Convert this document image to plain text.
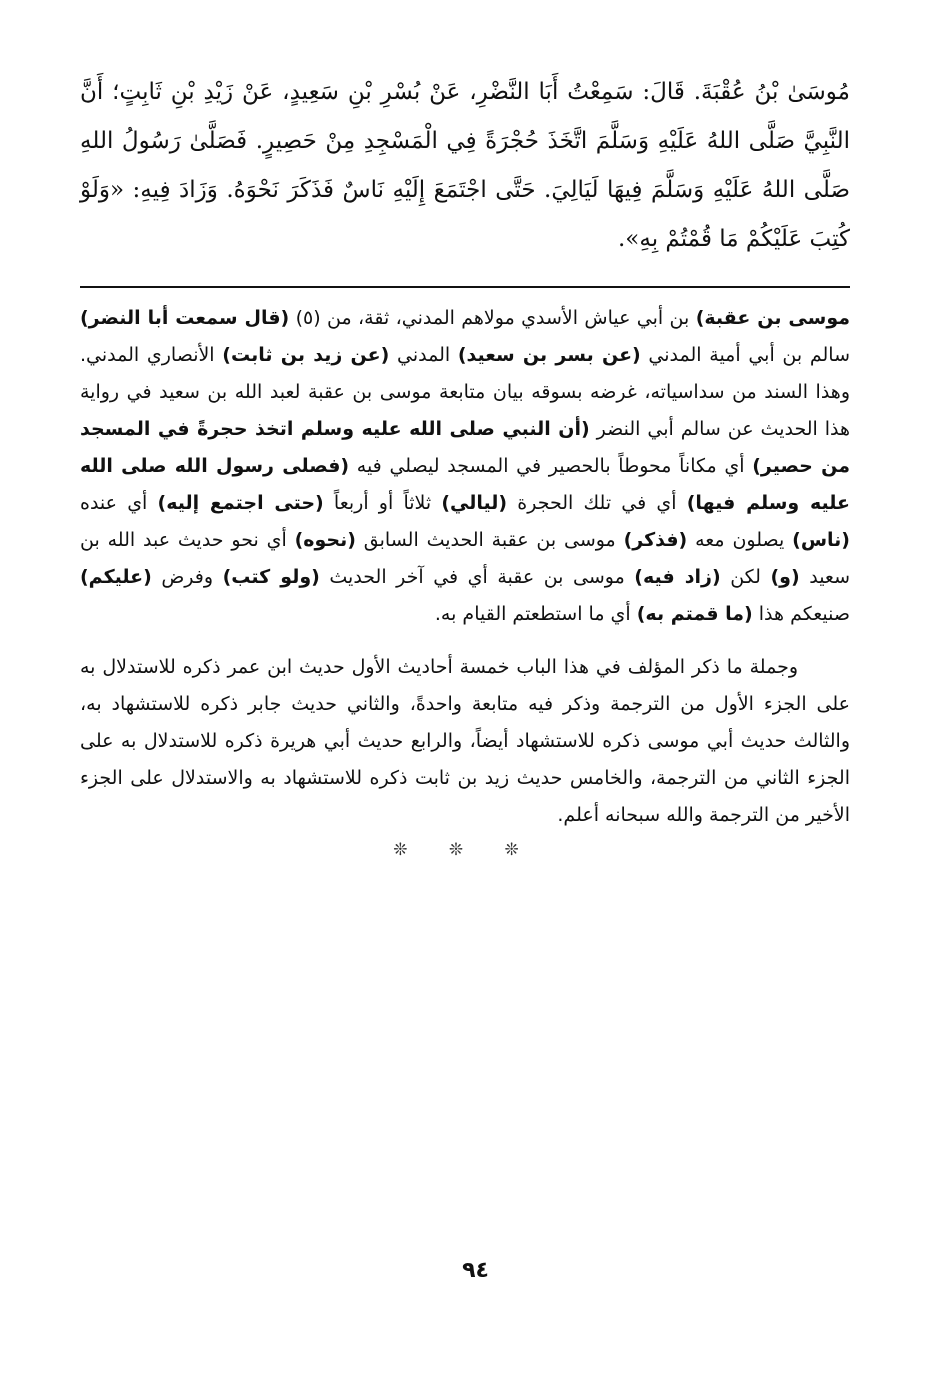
مُوسَىٰ بْنُ عُقْبَةَ. قَالَ: سَمِعْتُ أَبَا النَّضْرِ، عَنْ بُسْرِ بْنِ سَعِيدٍ، عَنْ زَيْدِ بْنِ ثَابِتٍ؛ أَنَّ النَّبِيَّ صَلَّى اللهُ عَلَيْهِ وَسَلَّمَ اتَّخَذَ حُجْرَةً فِي الْمَسْجِدِ مِنْ حَصِيرٍ. فَصَلَّىٰ رَسُولُ اللهِ صَلَّى اللهُ عَلَيْهِ وَسَلَّمَ فِيهَا لَيَالِيَ. حَتَّى اجْتَمَعَ إِلَيْهِ نَاسٌ فَذَكَرَ نَحْوَهُ. وَزَادَ فِيهِ: «وَلَوْ كُتِبَ عَلَيْكُمْ مَا قُمْتُمْ بِهِ».

موسى بن عقبة) بن أبي عياش الأسدي مولاهم المدني، ثقة، من (٥) (قال سمعت أبا النضر) سالم بن أبي أمية المدني (عن بسر بن سعيد) المدني (عن زيد بن ثابت) الأنصاري المدني. وهذا السند من سداسياته، غرضه بسوقه بيان متابعة موسى بن عقبة لعبد الله بن سعيد في رواية هذا الحديث عن سالم أبي النضر (أن النبي صلى الله عليه وسلم اتخذ حجرةً في المسجد من حصير) أي مكاناً محوطاً بالحصير في المسجد ليصلي فيه (فصلى رسول الله صلى الله عليه وسلم فيها) أي في تلك الحجرة (ليالي) ثلاثاً أو أربعاً (حتى اجتمع إليه) أي عنده (ناس) يصلون معه (فذكر) موسى بن عقبة الحديث السابق (نحوه) أي نحو حديث عبد الله بن سعيد (و) لكن (زاد فيه) موسى بن عقبة أي في آخر الحديث (ولو كتب) وفرض (عليكم) صنيعكم هذا (ما قمتم به) أي ما استطعتم القيام به.

وجملة ما ذكر المؤلف في هذا الباب خمسة أحاديث الأول حديث ابن عمر ذكره للاستدلال به على الجزء الأول من الترجمة وذكر فيه متابعة واحدةً، والثاني حديث جابر ذكره للاستشهاد به، والثالث حديث أبي موسى ذكره للاستشهاد أيضاً، والرابع حديث أبي هريرة ذكره للاستدلال به على الجزء الثاني من الترجمة، والخامس حديث زيد بن ثابت ذكره للاستشهاد به والاستدلال على الجزء الأخير من الترجمة والله سبحانه أعلم.

❊ ❊ ❊
٩٤
